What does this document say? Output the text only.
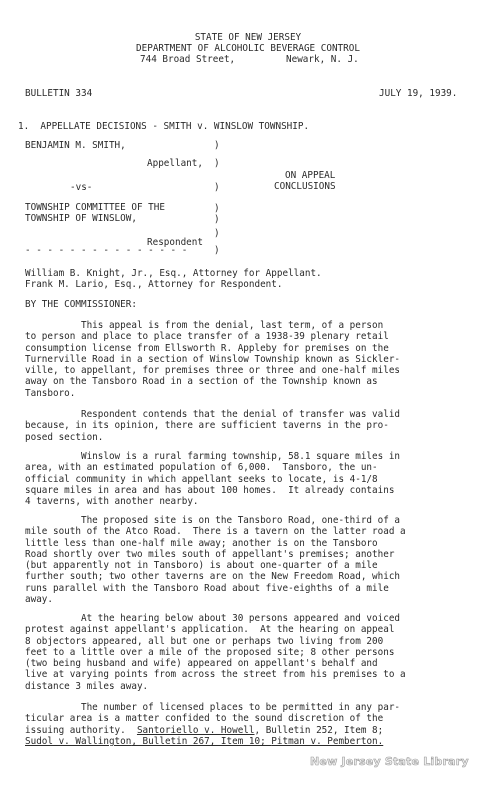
STATE OF NEW JERSEY
DEPARTMENT OF ALCOHOLIC BEVERAGE CONTROL
744 Broad Street,	Newark, N. J.
BULLETIN 334	JULY 19, 1939.
1.  APPELLATE DECISIONS - SMITH v. WINSLOW TOWNSHIP.
BENJAMIN M. SMITH,
Appellant,
-vs-
TOWNSHIP COMMITTEE OF THE
TOWNSHIP OF WINSLOW,
Respondent
- - - - - - - - - - - - - - -
)
)
)
)
)
)
)
ON APPEAL
CONCLUSIONS
William B. Knight, Jr., Esq., Attorney for Appellant.
Frank M. Lario, Esq., Attorney for Respondent.
BY THE COMMISSIONER:
This appeal is from the denial, last term, of a person
to person and place to place transfer of a 1938-39 plenary retail
consumption license from Ellsworth R. Appleby for premises on the
Turnerville Road in a section of Winslow Township known as Sickler-
ville, to appellant, for premises three or three and one-half miles
away on the Tansboro Road in a section of the Township known as
Tansboro.
Respondent contends that the denial of transfer was valid
because, in its opinion, there are sufficient taverns in the pro-
posed section.
Winslow is a rural farming township, 58.1 square miles in
area, with an estimated population of 6,000.  Tansboro, the un-
official community in which appellant seeks to locate, is 4-1/8
square miles in area and has about 100 homes.  It already contains
4 taverns, with another nearby.
The proposed site is on the Tansboro Road, one-third of a
mile south of the Atco Road.  There is a tavern on the latter road a
little less than one-half mile away; another is on the Tansboro
Road shortly over two miles south of appellant's premises; another
(but apparently not in Tansboro) is about one-quarter of a mile
further south; two other taverns are on the New Freedom Road, which
runs parallel with the Tansboro Road about five-eighths of a mile
away.
At the hearing below about 30 persons appeared and voiced
protest against appellant's application.  At the hearing on appeal
8 objectors appeared, all but one or perhaps two living from 200
feet to a little over a mile of the proposed site; 8 other persons
(two being husband and wife) appeared on appellant's behalf and
live at varying points from across the street from his premises to a
distance 3 miles away.
The number of licensed places to be permitted in any par-
ticular area is a matter confided to the sound discretion of the
issuing authority.  Santoriello v. Howell, Bulletin 252, Item 8;
Sudol v. Wallington, Bulletin 267, Item 10; Pitman v. Pemberton.
New Jersey State Library
